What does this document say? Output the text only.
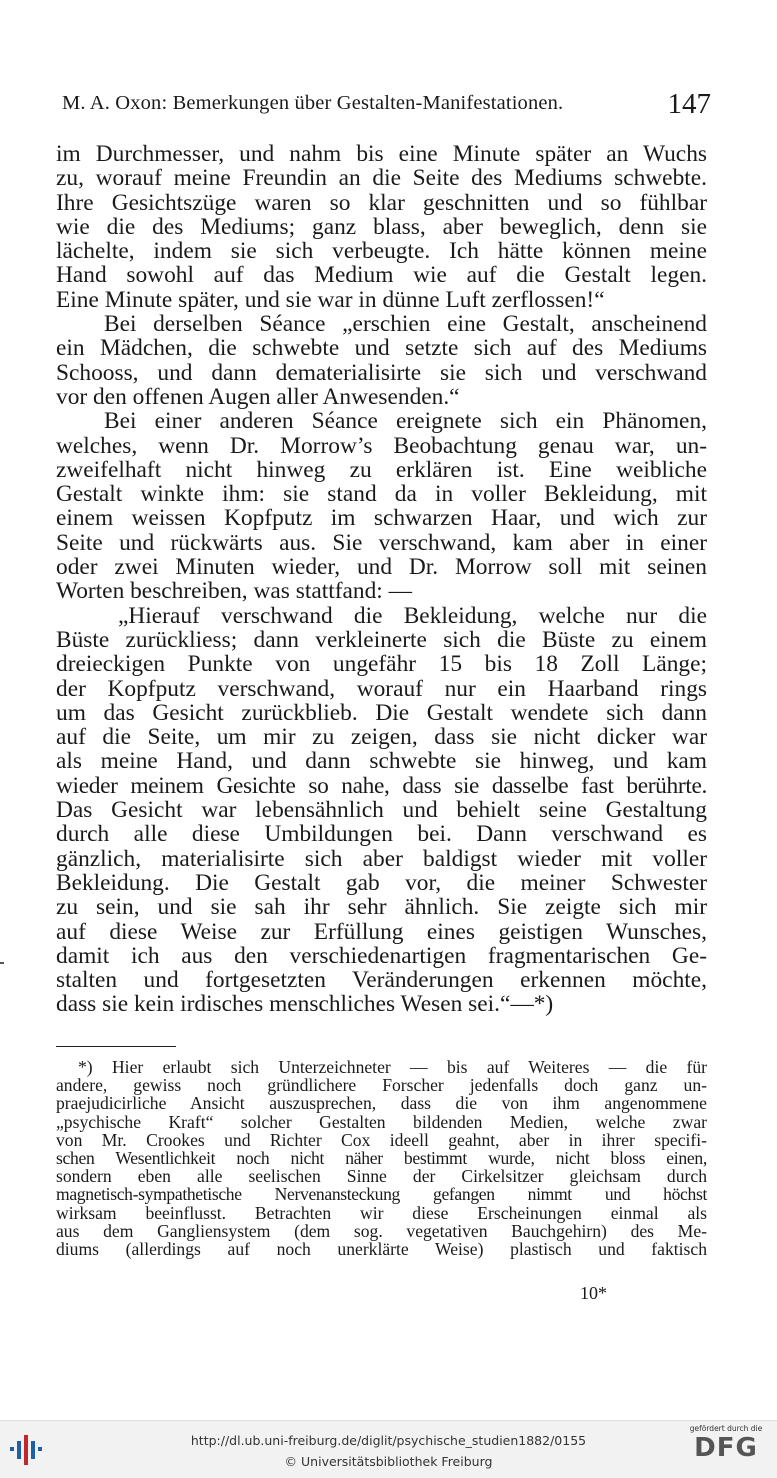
M. A. Oxon: Bemerkungen über Gestalten-Manifestationen.	147
im Durchmesser, und nahm bis eine Minute später an Wuchs
zu, worauf meine Freundin an die Seite des Mediums schwebte.
Ihre Gesichtszüge waren so klar geschnitten und so fühlbar
wie die des Mediums; ganz blass, aber beweglich, denn sie
lächelte, indem sie sich verbeugte. Ich hätte können meine
Hand sowohl auf das Medium wie auf die Gestalt legen.
Eine Minute später, und sie war in dünne Luft zerflossen!“
Bei derselben Séance „erschien eine Gestalt, anscheinend
ein Mädchen, die schwebte und setzte sich auf des Mediums
Schooss, und dann dematerialisirte sie sich und verschwand
vor den offenen Augen aller Anwesenden.“
Bei einer anderen Séance ereignete sich ein Phänomen,
welches, wenn Dr. Morrow’s Beobachtung genau war, un-
zweifelhaft nicht hinweg zu erklären ist. Eine weibliche
Gestalt winkte ihm: sie stand da in voller Bekleidung, mit
einem weissen Kopfputz im schwarzen Haar, und wich zur
Seite und rückwärts aus. Sie verschwand, kam aber in einer
oder zwei Minuten wieder, und Dr. Morrow soll mit seinen
Worten beschreiben, was stattfand: —
„Hierauf verschwand die Bekleidung, welche nur die
Büste zurückliess; dann verkleinerte sich die Büste zu einem
dreieckigen Punkte von ungefähr 15 bis 18 Zoll Länge;
der Kopfputz verschwand, worauf nur ein Haarband rings
um das Gesicht zurückblieb. Die Gestalt wendete sich dann
auf die Seite, um mir zu zeigen, dass sie nicht dicker war
als meine Hand, und dann schwebte sie hinweg, und kam
wieder meinem Gesichte so nahe, dass sie dasselbe fast berührte.
Das Gesicht war lebensähnlich und behielt seine Gestaltung
durch alle diese Umbildungen bei. Dann verschwand es
gänzlich, materialisirte sich aber baldigst wieder mit voller
Bekleidung. Die Gestalt gab vor, die meiner Schwester
zu sein, und sie sah ihr sehr ähnlich. Sie zeigte sich mir
auf diese Weise zur Erfüllung eines geistigen Wunsches,
damit ich aus den verschiedenartigen fragmentarischen Ge-
stalten und fortgesetzten Veränderungen erkennen möchte,
dass sie kein irdisches menschliches Wesen sei.“—*)
*) Hier erlaubt sich Unterzeichneter — bis auf Weiteres — die für
andere, gewiss noch gründlichere Forscher jedenfalls doch ganz un-
praejudicirliche Ansicht auszusprechen, dass die von ihm angenommene
„psychische Kraft“ solcher Gestalten bildenden Medien, welche zwar
von Mr. Crookes und Richter Cox ideell geahnt, aber in ihrer specifi-
schen Wesentlichkeit noch nicht näher bestimmt wurde, nicht bloss einen,
sondern eben alle seelischen Sinne der Cirkelsitzer gleichsam durch
magnetisch-sympathetische Nervenansteckung gefangen nimmt und höchst
wirksam beeinflusst. Betrachten wir diese Erscheinungen einmal als
aus dem Gangliensystem (dem sog. vegetativen Bauchgehirn) des Me-
diums (allerdings auf noch unerklärte Weise) plastisch und faktisch
10*
http://dl.ub.uni-freiburg.de/diglit/psychische_studien1882/0155
© Universitätsbibliothek Freiburg
gefördert durch die
DFG
